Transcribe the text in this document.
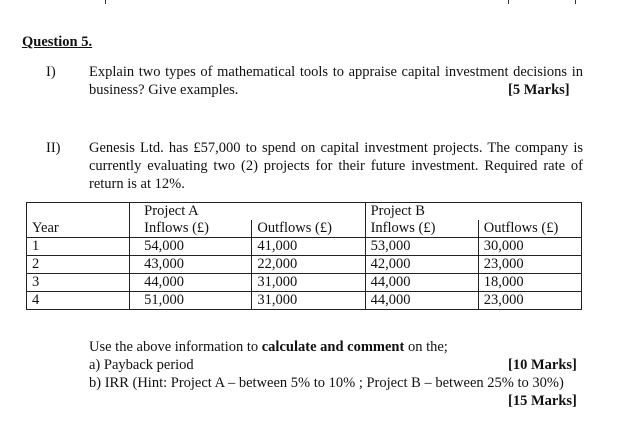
Question 5.
I) Explain two types of mathematical tools to appraise capital investment decisions in
business? Give examples.	[5 Marks]
II) Genesis Ltd. has £57,000 to spend on capital investment projects. The company is
currently evaluating two (2) projects for their future investment. Required rate of
return is at 12%.
	Project A		Project B	
Year	Inflows (£)	Outflows (£)	Inflows (£)	Outflows (£)
1	54,000	41,000	53,000	30,000
2	43,000	22,000	42,000	23,000
3	44,000	31,000	44,000	18,000
4	51,000	31,000	44,000	23,000
Use the above information to calculate and comment on the;
a) Payback period	[10 Marks]
b) IRR (Hint: Project A – between 5% to 10% ; Project B – between 25% to 30%)
[15 Marks]
